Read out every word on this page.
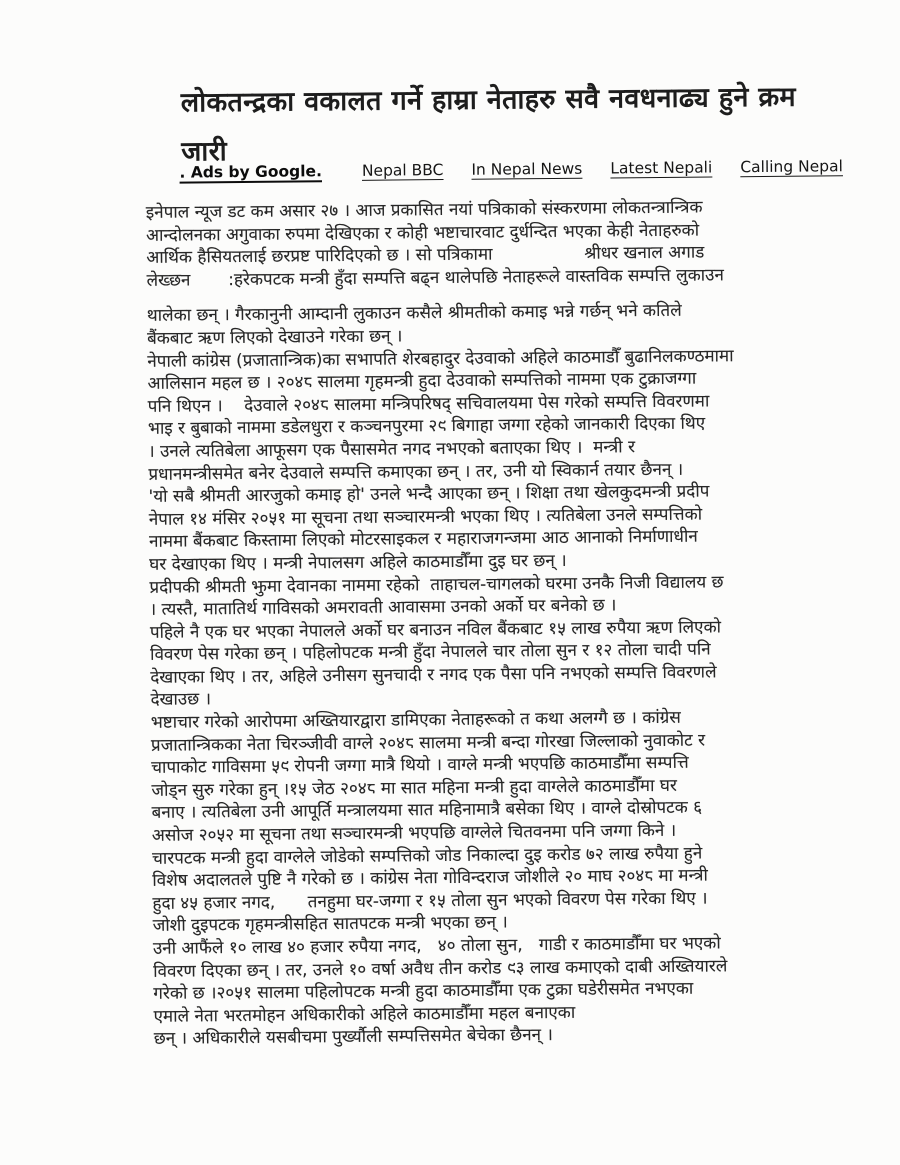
लोकतन्द्रका वकालत गर्ने हाम्रा नेताहरु सवै नवधनाढ्य हुने क्रम
जारी
. Ads by Google.	Nepal BBC In Nepal News Latest Nepali Calling Nepal
इनेपाल न्यूज डट कम असार २७ । आज प्रकासित नयां पत्रिकाको संस्करणमा लोकतन्त्रान्त्रिक
आन्दोलनका अगुवाका रुपमा देखिएका र कोही भष्टाचारवाट दुर्धन्दित भएका केही नेताहरुको
आर्थिक हैसियतलाई छरप्रष्ट पारिदिएको छ । सो पत्रिकामा                 श्रीधर खनाल अगाड
लेख्छन       :हरेकपटक मन्त्री हुँदा सम्पत्ति बढ्न थालेपछि नेताहरूले वास्तविक सम्पत्ति लुकाउन
थालेका छन् । गैरकानुनी आम्दानी लुकाउन कसैले श्रीमतीको कमाइ भन्ने गर्छन् भने कतिले
बैंकबाट ऋण लिएको देखाउने गरेका छन् ।
नेपाली कांग्रेस (प्रजातान्त्रिक)का सभापति शेरबहादुर देउवाको अहिले काठमाडौँ बुढानिलकण्ठमामा
आलिसान महल छ । २०४८ सालमा गृहमन्त्री हुदा देउवाको सम्पत्तिको नाममा एक टुक्राजग्गा
पनि थिएन ।    देउवाले २०४८ सालमा मन्त्रिपरिषद् सचिवालयमा पेस गरेको सम्पत्ति विवरणमा
भाइ र बुबाको नाममा डडेलधुरा र कञ्चनपुरमा २९ बिगाहा जग्गा रहेको जानकारी दिएका थिए
। उनले त्यतिबेला आफूसग एक पैसासमेत नगद नभएको बताएका थिए ।  मन्त्री र
प्रधानमन्त्रीसमेत बनेर देउवाले सम्पत्ति कमाएका छन् । तर, उनी यो स्विकार्न तयार छैनन् ।
'यो सबै श्रीमती आरजुको कमाइ हो' उनले भन्दै आएका छन् । शिक्षा तथा खेलकुदमन्त्री प्रदीप
नेपाल १४ मंसिर २०५१ मा सूचना तथा सञ्चारमन्त्री भएका थिए । त्यतिबेला उनले सम्पत्तिको
नाममा बैंकबाट किस्तामा लिएको मोटरसाइकल र महाराजगन्जमा आठ आनाको निर्माणाधीन
घर देखाएका थिए । मन्त्री नेपालसग अहिले काठमाडौँमा दुइ घर छन् ।
प्रदीपकी श्रीमती झुमा देवानका नाममा रहेको  ताहाचल-चागलको घरमा उनकै निजी विद्यालय छ
। त्यस्तै, मातातिर्थ गाविसको अमरावती आवासमा उनको अर्को घर बनेको छ ।
पहिले नै एक घर भएका नेपालले अर्को घर बनाउन नविल बैंकबाट १५ लाख रुपैया ऋण लिएको
विवरण पेस गरेका छन् । पहिलोपटक मन्त्री हुँदा नेपालले चार तोला सुन र १२ तोला चादी पनि
देखाएका थिए । तर, अहिले उनीसग सुनचादी र नगद एक पैसा पनि नभएको सम्पत्ति विवरणले
देखाउछ ।
भष्टाचार गरेको आरोपमा अख्तियारद्वारा डामिएका नेताहरूको त कथा अलग्गै छ । कांग्रेस
प्रजातान्त्रिकका नेता चिरञ्जीवी वाग्ले २०४८ सालमा मन्त्री बन्दा गोरखा जिल्लाको नुवाकोट र
चापाकोट गाविसमा ५९ रोपनी जग्गा मात्रै थियो । वाग्ले मन्त्री भएपछि काठमाडौँमा सम्पत्ति
जोड्न सुरु गरेका हुन् ।१५ जेठ २०४८ मा सात महिना मन्त्री हुदा वाग्लेले काठमाडौँमा घर
बनाए । त्यतिबेला उनी आपूर्ति मन्त्रालयमा सात महिनामात्रै बसेका थिए । वाग्ले दोस्रोपटक ६
असोज २०५२ मा सूचना तथा सञ्चारमन्त्री भएपछि वाग्लेले चितवनमा पनि जग्गा किने ।
चारपटक मन्त्री हुदा वाग्लेले जोडेको सम्पत्तिको जोड निकाल्दा दुइ करोड ७२ लाख रुपैया हुने
विशेष अदालतले पुष्टि नै गरेको छ । कांग्रेस नेता गोविन्दराज जोशीले २० माघ २०४८ मा मन्त्री
हुदा ४५ हजार नगद,      तनहुमा घर-जग्गा र १५ तोला सुन भएको विवरण पेस गरेका थिए ।
जोशी दुइपटक गृहमन्त्रीसहित सातपटक मन्त्री भएका छन् ।
उनी आफैंले १० लाख ४० हजार रुपैया नगद,   ४० तोला सुन,   गाडी र काठमाडौँमा घर भएको
विवरण दिएका छन् । तर, उनले १० वर्षा अवैध तीन करोड ९३ लाख कमाएको दाबी अख्तियारले
गरेको छ ।२०५१ सालमा पहिलोपटक मन्त्री हुदा काठमाडौँमा एक टुक्रा घडेरीसमेत नभएका
एमाले नेता भरतमोहन अधिकारीको अहिले काठमाडौँमा महल बनाएका
छन् । अधिकारीले यसबीचमा पुर्ख्यौली सम्पत्तिसमेत बेचेका छैनन् ।
